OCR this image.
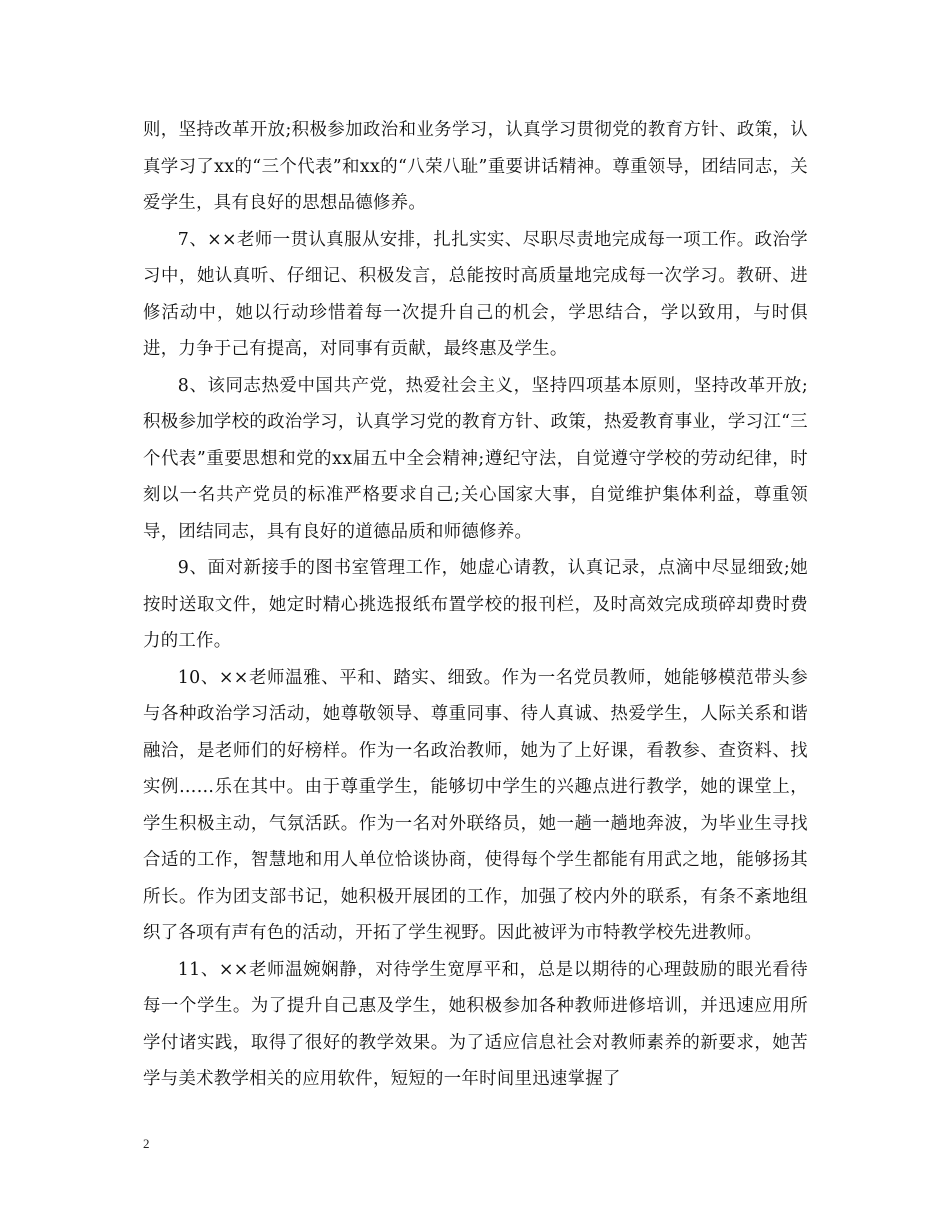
则，坚持改革开放;积极参加政治和业务学习，认真学习贯彻党的教育方针、政策，认真学习了xx的“三个代表”和xx的“八荣八耻”重要讲话精神。尊重领导，团结同志，关爱学生，具有良好的思想品德修养。

7、××老师一贯认真服从安排，扎扎实实、尽职尽责地完成每一项工作。政治学习中，她认真听、仔细记、积极发言，总能按时高质量地完成每一次学习。教研、进修活动中，她以行动珍惜着每一次提升自己的机会，学思结合，学以致用，与时俱进，力争于己有提高，对同事有贡献，最终惠及学生。

8、该同志热爱中国共产党，热爱社会主义，坚持四项基本原则，坚持改革开放;积极参加学校的政治学习，认真学习党的教育方针、政策，热爱教育事业，学习江“三个代表”重要思想和党的xx届五中全会精神;遵纪守法，自觉遵守学校的劳动纪律，时刻以一名共产党员的标准严格要求自己;关心国家大事，自觉维护集体利益，尊重领导，团结同志，具有良好的道德品质和师德修养。

9、面对新接手的图书室管理工作，她虚心请教，认真记录，点滴中尽显细致;她按时送取文件，她定时精心挑选报纸布置学校的报刊栏，及时高效完成琐碎却费时费力的工作。

10、××老师温雅、平和、踏实、细致。作为一名党员教师，她能够模范带头参与各种政治学习活动，她尊敬领导、尊重同事、待人真诚、热爱学生，人际关系和谐融洽，是老师们的好榜样。作为一名政治教师，她为了上好课，看教参、查资料、找实例……乐在其中。由于尊重学生，能够切中学生的兴趣点进行教学，她的课堂上，学生积极主动，气氛活跃。作为一名对外联络员，她一趟一趟地奔波，为毕业生寻找合适的工作，智慧地和用人单位恰谈协商，使得每个学生都能有用武之地，能够扬其所长。作为团支部书记，她积极开展团的工作，加强了校内外的联系，有条不紊地组织了各项有声有色的活动，开拓了学生视野。因此被评为市特教学校先进教师。

11、××老师温婉娴静，对待学生宽厚平和，总是以期待的心理鼓励的眼光看待每一个学生。为了提升自己惠及学生，她积极参加各种教师进修培训，并迅速应用所学付诸实践，取得了很好的教学效果。为了适应信息社会对教师素养的新要求，她苦学与美术教学相关的应用软件，短短的一年时间里迅速掌握了

2
